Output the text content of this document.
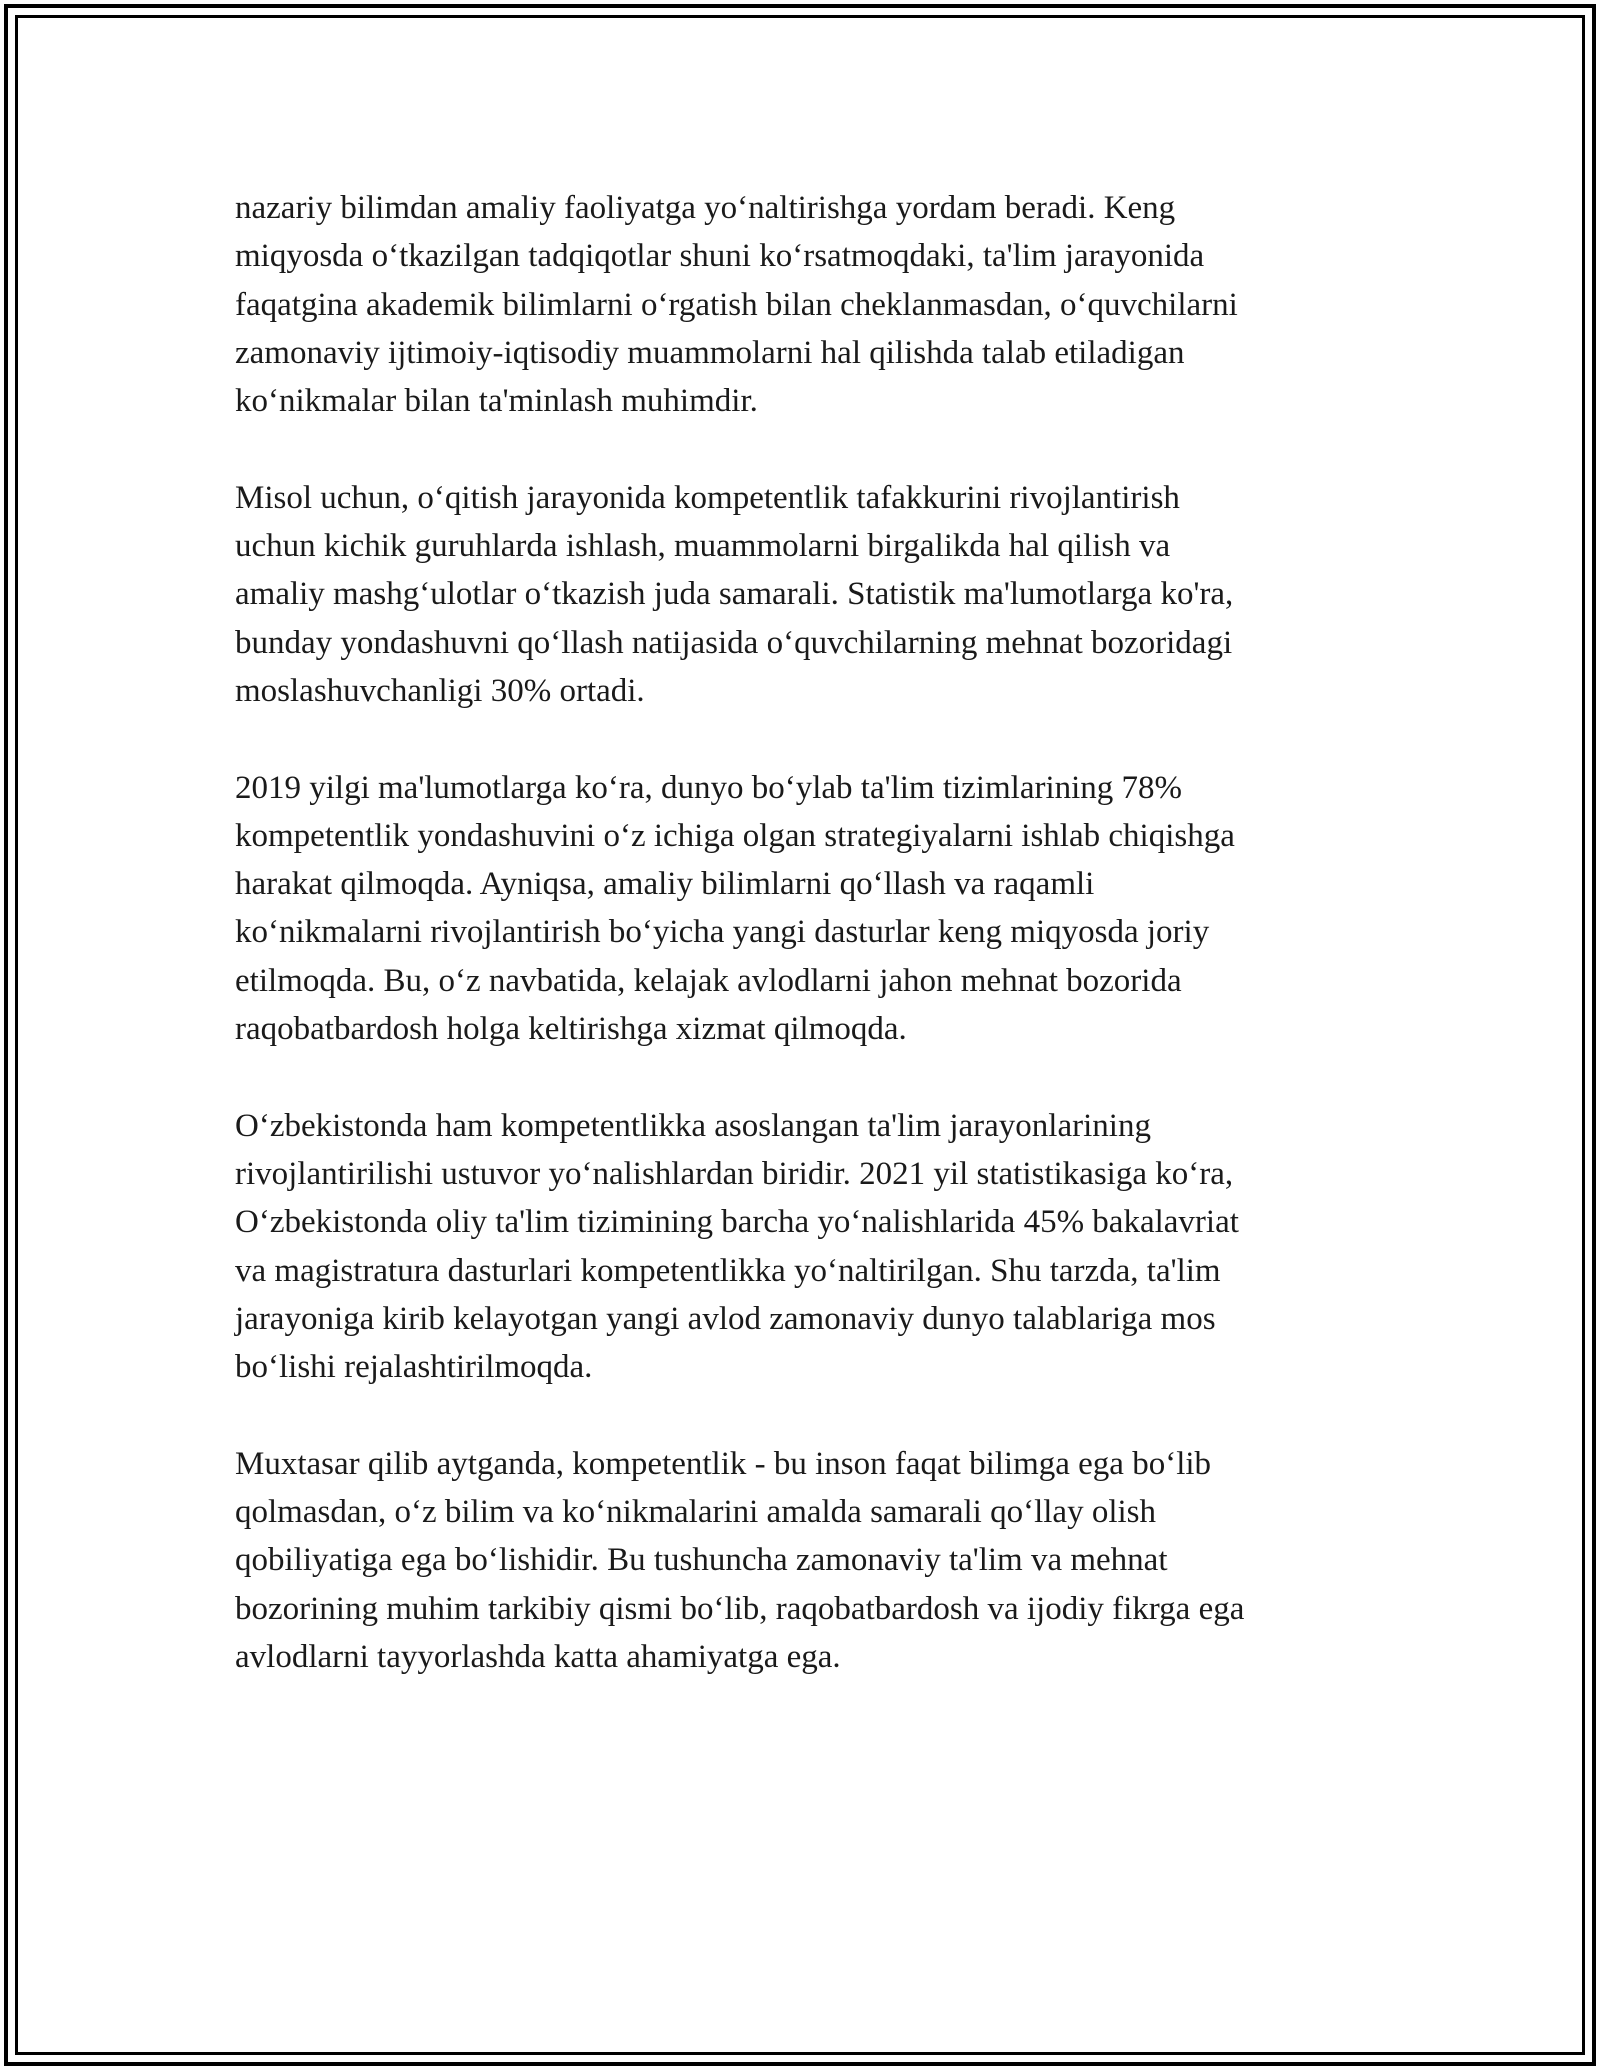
nazariy bilimdan amaliy faoliyatga yo‘naltirishga yordam beradi. Keng
miqyosda o‘tkazilgan tadqiqotlar shuni ko‘rsatmoqdaki, ta'lim jarayonida
faqatgina akademik bilimlarni o‘rgatish bilan cheklanmasdan, o‘quvchilarni
zamonaviy ijtimoiy-iqtisodiy muammolarni hal qilishda talab etiladigan
ko‘nikmalar bilan ta'minlash muhimdir.

Misol uchun, o‘qitish jarayonida kompetentlik tafakkurini rivojlantirish
uchun kichik guruhlarda ishlash, muammolarni birgalikda hal qilish va
amaliy mashg‘ulotlar o‘tkazish juda samarali. Statistik ma'lumotlarga ko'ra,
bunday yondashuvni qo‘llash natijasida o‘quvchilarning mehnat bozoridagi
moslashuvchanligi 30% ortadi.

2019 yilgi ma'lumotlarga ko‘ra, dunyo bo‘ylab ta'lim tizimlarining 78%
kompetentlik yondashuvini o‘z ichiga olgan strategiyalarni ishlab chiqishga
harakat qilmoqda. Ayniqsa, amaliy bilimlarni qo‘llash va raqamli
ko‘nikmalarni rivojlantirish bo‘yicha yangi dasturlar keng miqyosda joriy
etilmoqda. Bu, o‘z navbatida, kelajak avlodlarni jahon mehnat bozorida
raqobatbardosh holga keltirishga xizmat qilmoqda.

O‘zbekistonda ham kompetentlikka asoslangan ta'lim jarayonlarining
rivojlantirilishi ustuvor yo‘nalishlardan biridir. 2021 yil statistikasiga ko‘ra,
O‘zbekistonda oliy ta'lim tizimining barcha yo‘nalishlarida 45% bakalavriat
va magistratura dasturlari kompetentlikka yo‘naltirilgan. Shu tarzda, ta'lim
jarayoniga kirib kelayotgan yangi avlod zamonaviy dunyo talablariga mos
bo‘lishi rejalashtirilmoqda.

Muxtasar qilib aytganda, kompetentlik - bu inson faqat bilimga ega bo‘lib
qolmasdan, o‘z bilim va ko‘nikmalarini amalda samarali qo‘llay olish
qobiliyatiga ega bo‘lishidir. Bu tushuncha zamonaviy ta'lim va mehnat
bozorining muhim tarkibiy qismi bo‘lib, raqobatbardosh va ijodiy fikrga ega
avlodlarni tayyorlashda katta ahamiyatga ega.
